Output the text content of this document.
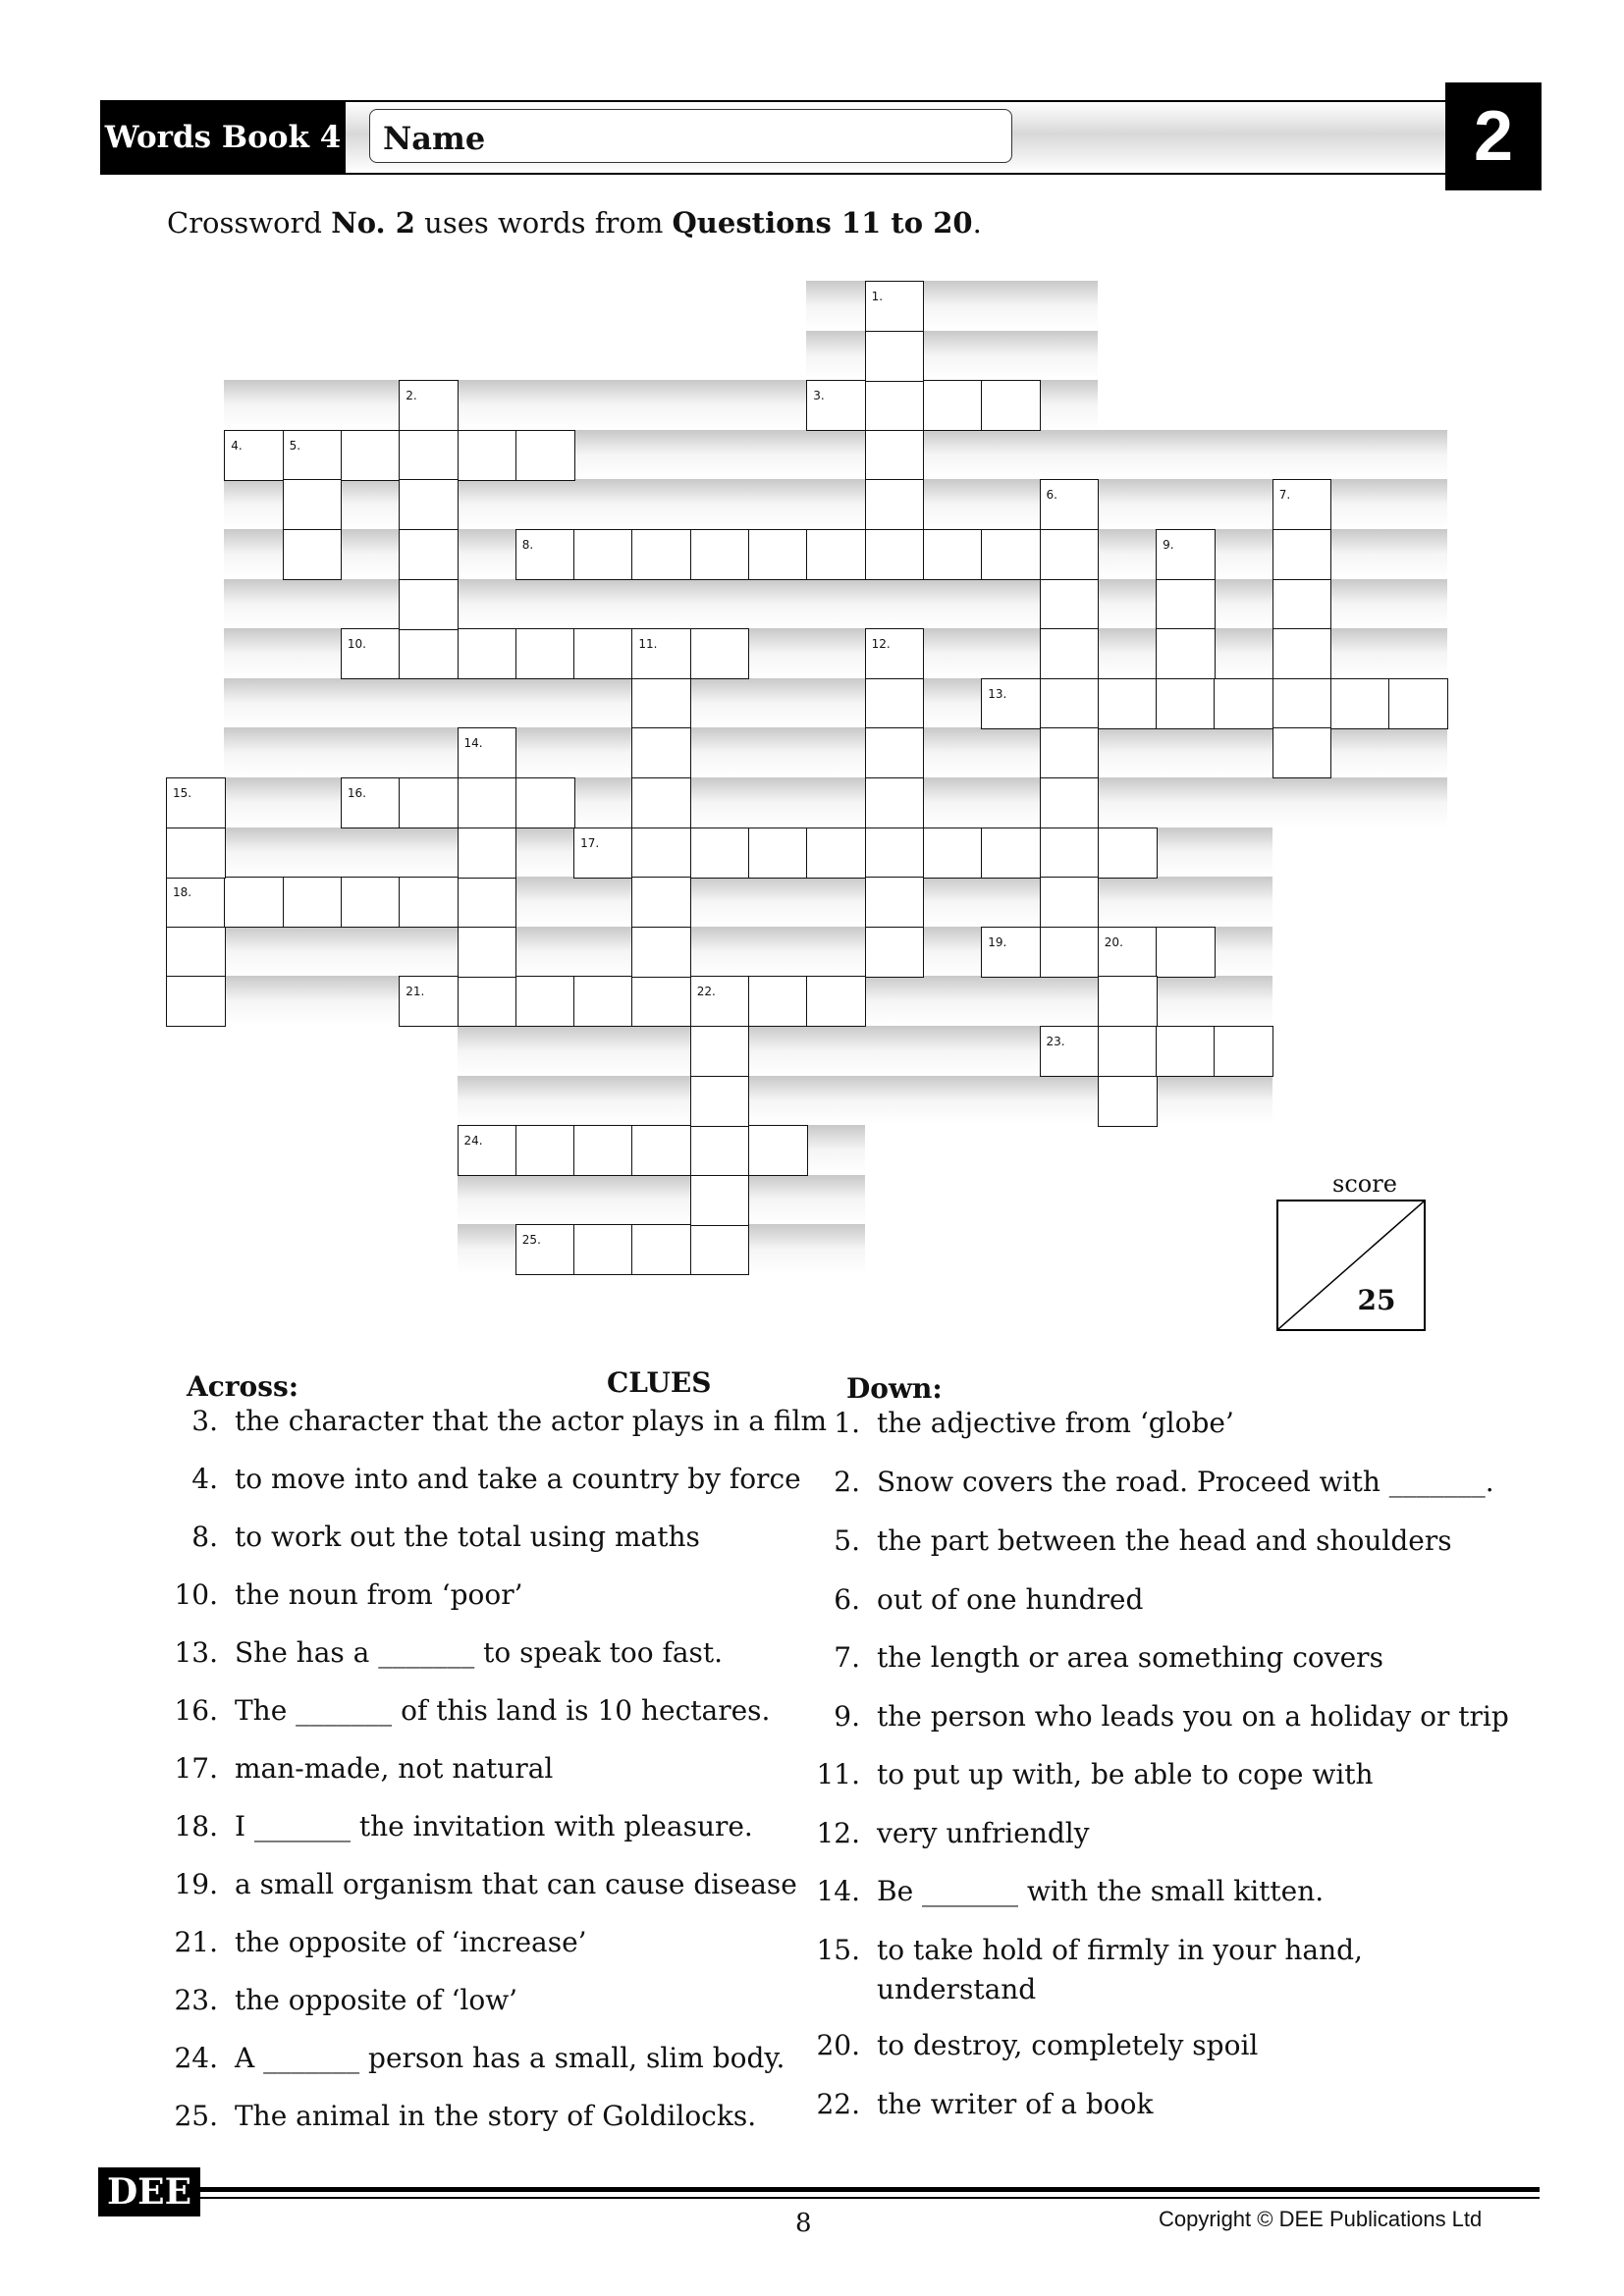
Words Book 4	Name	2
Crossword No. 2 uses words from Questions 11 to 20.
3.
4.	5.
8.
10.	11.
13.
16.
17.
18.
19.	20.
21.	22.
23.
24.
25.
1.
2.
6.	7.
9.
12.
14.
15.
score
25
Across:	CLUES	Down:
3. the character that the actor plays in a film
4. to move into and take a country by force
8. to work out the total using maths
10. the noun from ‘poor’
13. She has a _______ to speak too fast.
16. The _______ of this land is 10 hectares.
17. man-made, not natural
18. I _______ the invitation with pleasure.
19. a small organism that can cause disease
21. the opposite of ‘increase’
23. the opposite of ‘low’
24. A _______ person has a small, slim body.
25. The animal in the story of Goldilocks.
1. the adjective from ‘globe’
2. Snow covers the road. Proceed with _______.
5. the part between the head and shoulders
6. out of one hundred
7. the length or area something covers
9. the person who leads you on a holiday or trip
11. to put up with, be able to cope with
12. very unfriendly
14. Be _______ with the small kitten.
15. to take hold of firmly in your hand,
understand
20. to destroy, completely spoil
22. the writer of a book
DEE
8	Copyright © DEE Publications Ltd
